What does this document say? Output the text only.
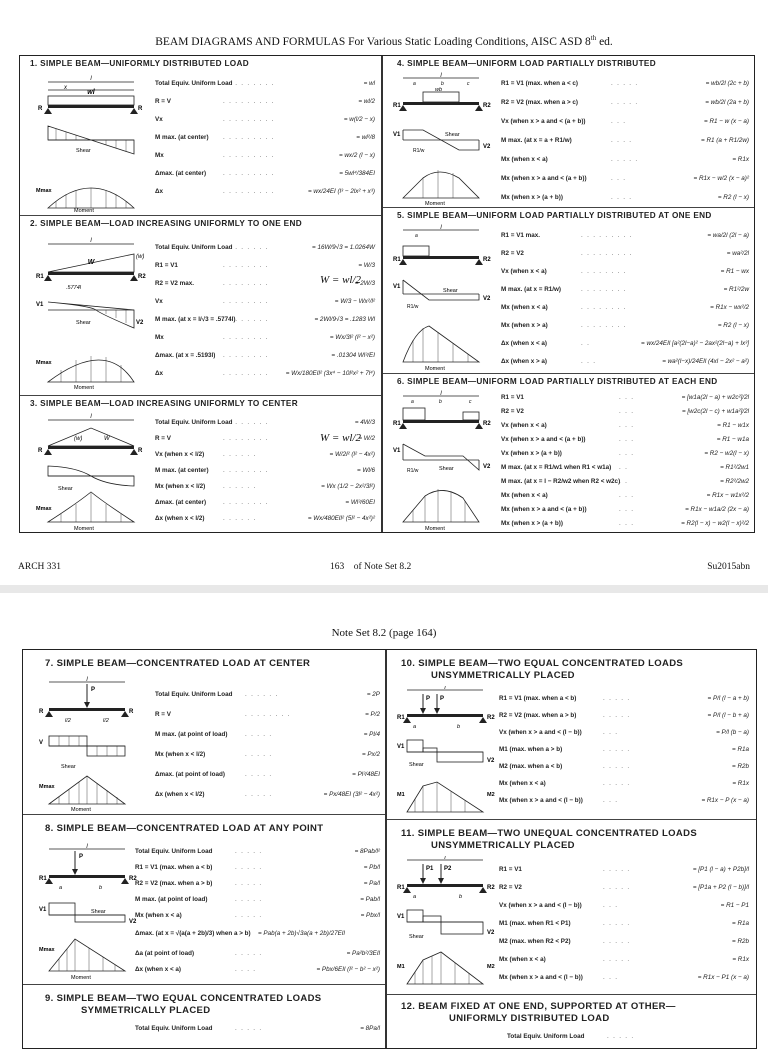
BEAM DIAGRAMS AND FORMULAS For Various Static Loading Conditions, AISC ASD 8th ed.
1. SIMPLE BEAM—UNIFORMLY DISTRIBUTED LOAD
l
x
wl
R	R
Shear
Mmax
Moment
Total Equiv. Uniform Load
. . . . . . . . .	= wl
R = V	. . . . . . . . .	= wl/2
Vx	. . . . . . . . .	= w(l/2 − x)
M max. (at center)	. . . . . . . . .	= wl²/8
Mx	. . . . . . . . .	= wx/2 (l − x)
Δmax. (at center)	. . . . . . . . .	= 5wl⁴/384EI
Δx	. . . . . . . . .	= wx/24EI (l³ − 2lx² + x³)
2. SIMPLE BEAM—LOAD INCREASING UNIFORMLY TO ONE END
l
W
(w)
R1	R2
.5774l
V1
V2
Shear
Mmax
Moment
Total Equiv. Uniform Load
. . . . . . . .	= 16W/9√3 = 1.0264W
R1 = V1	. . . . . . . .	= W/3
R2 = V2 max.	. . . . . . . .	= 2W/3
Vx	. . . . . . . .	= W/3 − Wx²/l²
M max. (at x = l/√3 = .5774l)
. . . . . . . .	= 2Wl/9√3 = .1283 Wl
Mx	. . . . . . . .	= Wx/3l² (l² − x²)
Δmax. (at x = .5193l)	. . . . . . . .	= .01304 Wl³/EI
Δx	. . . . . . . .	= Wx/180EIl² (3x⁴ − 10l²x² + 7l⁴)
W = wl/2
3. SIMPLE BEAM—LOAD INCREASING UNIFORMLY TO CENTER
l
(w)	W
R	R
Shear
Mmax
Moment
Total Equiv. Uniform Load
. . . . . . . .	= 4W/3
R = V	. . . . . . . .	= W/2
Vx (when x < l/2)	. . . . . .	= W/2l² (l² − 4x²)
M max. (at center)	. . . . . . . .	= Wl/6
Mx (when x < l/2)	. . . . . .	= Wx (1/2 − 2x²/3l²)
Δmax. (at center)	. . . . . . . .	= Wl³/60EI
Δx (when x < l/2)	. . . . . .	= Wx/480EIl² (5l² − 4x²)²
W = wl/2
4. SIMPLE BEAM—UNIFORM LOAD PARTIALLY DISTRIBUTED
l
a	b	c
wb
R1	R2
V1
V2
Shear
R1/w
Moment
R1 = V1 (max. when a < c)	. . . . .	= wb/2l (2c + b)
R2 = V2 (max. when a > c)	. . . . .	= wb/2l (2a + b)
Vx (when x > a and < (a + b))	. . .	= R1 − w (x − a)
M max. (at x = a + R1/w)	. . . .	= R1 (a + R1/2w)
Mx (when x < a)	. . . . .	= R1x
Mx (when x > a and < (a + b))	. . .	= R1x − w/2 (x − a)²
Mx (when x > (a + b))	. . . .	= R2 (l − x)
5. SIMPLE BEAM—UNIFORM LOAD PARTIALLY DISTRIBUTED AT ONE END
l
a
R1	R2
V1
V2
Shear
R1/w
Moment
R1 = V1 max.	. . . . . . . . .	= wa/2l (2l − a)
R2 = V2	. . . . . . . . .	= wa²/2l
Vx (when x < a)	. . . . . . . .	= R1 − wx
M max. (at x = R1/w)	. . . . . . . .	= R1²/2w
Mx (when x < a)	. . . . . . . .	= R1x − wx²/2
Mx (when x > a)	. . . . . . . .	= R2 (l − x)
Δx (when x < a)	. .	= wx/24EIl [a²(2l−a)² − 2ax²(2l−a) + lx³]
Δx (when x > a)	. . .	= wa²(l−x)/24EIl (4xl − 2x² − a²)
6. SIMPLE BEAM—UNIFORM LOAD PARTIALLY DISTRIBUTED AT EACH END
l
a	b	c
R1	R2
V1
V2
Shear
R1/w
Moment
R1 = V1	. . .	= [w1a(2l − a) + w2c²]/2l
R2 = V2	. . .	= [w2c(2l − c) + w1a²]/2l
Vx (when x < a)	. . .	= R1 − w1x
Vx (when x > a and < (a + b))	. . .	= R1 − w1a
Vx (when x > (a + b))	. . .	= R2 − w2(l − x)
M max. (at x = R1/w1 when R1 < w1a)	. .	= R1²/2w1
M max. (at x = l − R2/w2 when R2 < w2c)
. .	= R2²/2w2
Mx (when x < a)	. . .	= R1x − w1x²/2
Mx (when x > a and < (a + b))	. . .	= R1x − w1a/2 (2x − a)
Mx (when x > (a + b))	. . .	= R2(l − x) − w2(l − x)²/2
ARCH 331	163    of Note Set 8.2	Su2015abn
Note Set 8.2 (page 164)
7. SIMPLE BEAM—CONCENTRATED LOAD AT CENTER
l
P
R	R
l/2	l/2
V
Shear
Mmax
Moment
Total Equiv. Uniform Load	. . . . . .	= 2P
R = V	. . . . . . . .	= P/2
M max. (at point of load)	. . . . .	= Pl/4
Mx (when x < l/2)	. . . . .	= Px/2
Δmax. (at point of load)	. . . . .	= Pl³/48EI
Δx (when x < l/2)	. . . . .	= Px/48EI (3l² − 4x²)
8. SIMPLE BEAM—CONCENTRATED LOAD AT ANY POINT
l
P
R1	R2
a	b
V1
V2
Shear
Mmax
Moment
Total Equiv. Uniform Load	. . . . .	= 8Pab/l²
R1 = V1 (max. when a < b)	. . . . .	= Pb/l
R2 = V2 (max. when a > b)	. . . . .	= Pa/l
M max. (at point of load)	. . . . .	= Pab/l
Mx (when x < a)	. . . . .	= Pbx/l
Δmax. (at x = √(a(a + 2b)/3) when a > b)	= Pab(a + 2b)√3a(a + 2b)/27EIl
Δa (at point of load)	. . . . .	= Pa²b²/3EIl
Δx (when x < a)	. . . .	= Pbx/6EIl (l² − b² − x²)
9. SIMPLE BEAM—TWO EQUAL CONCENTRATED LOADS
SYMMETRICALLY PLACED
Total Equiv. Uniform Load	. . . . .	= 8Pa/l
10. SIMPLE BEAM—TWO EQUAL CONCENTRATED LOADS
UNSYMMETRICALLY PLACED
l
P P
R1	R2
a	b
V1
V2
Shear
M1	M2
R1 = V1 (max. when a < b)	. . . . .	= P/l (l − a + b)
R2 = V2 (max. when a > b)	. . . . .	= P/l (l − b + a)
Vx (when x > a and < (l − b))	. . .	= P/l (b − a)
M1 (max. when a > b)	. . . . .	= R1a
M2 (max. when a < b)	. . . . .	= R2b
Mx (when x < a)	. . . . .	= R1x
Mx (when x > a and < (l − b))	. . .	= R1x − P (x − a)
11. SIMPLE BEAM—TWO UNEQUAL CONCENTRATED LOADS
UNSYMMETRICALLY PLACED
l
P1 P2
R1	R2
a	b
V1
V2
Shear
M1	M2
R1 = V1	. . . . .	= [P1 (l − a) + P2b]/l
R2 = V2	. . . . .	= [P1a + P2 (l − b)]/l
Vx (when x > a and < (l − b))	. . .	= R1 − P1
M1 (max. when R1 < P1)	. . . . .	= R1a
M2 (max. when R2 < P2)	. . . . .	= R2b
Mx (when x < a)	. . . . .	= R1x
Mx (when x > a and < (l − b))	. . .	= R1x − P1 (x − a)
12. BEAM FIXED AT ONE END, SUPPORTED AT OTHER—
UNIFORMLY DISTRIBUTED LOAD
Total Equiv. Uniform Load	. . . . .
